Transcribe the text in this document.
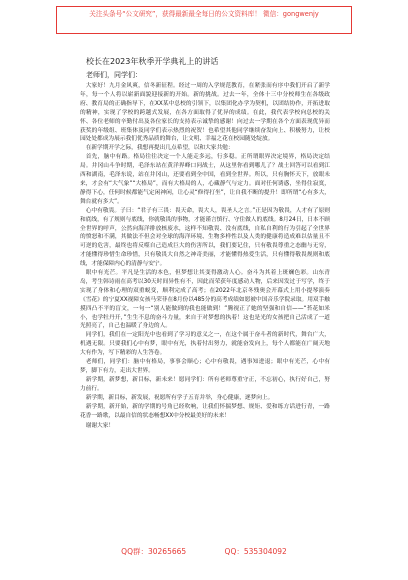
关注头条号“公文研究”，获得最新最全每日的公文资料库！ 微信：gongwenjy
校长在2023年秋季开学典礼上的讲话
老师们，同学们：

大家好！九月金风爽，信冬新征程。经过一周的入学规范教育，在紧张而有序中我们开启了新学年，每一个人将以崭新面貌迎接新的开始。新的挑战。过去一年，全体十三中分校师生在各级政府、教育局的正确指导下，在XX某中总校的引领下，以集团化办学为契机，以团结协作，开拓进取的精神，实现了学校的跨越式发展，在各方面取得了优异的成绩。在此，我代表学校向总校的关怀、各位老师的辛勤付出及各位家长的支持表示诚挚的感谢！向过去一学期在各个方面表现优异而获奖的年级组、班集体及同学们表示热烈的祝贺！也希望其他同学继续奋发向上、积极努力，让校园处处都成为展示我们优秀品质的舞台，让文明、幸福之花在校园随处绽放。

在新学期开学之际，我想再提出几点希望，以和大家共勉：

首先，脑中有路。格局往往决定一个人能走多远，行多稳。正所谓眼界决定境界，格局决定结局。井冈山斗争时期，毛泽东站在黄洋界峰口问战士，从这里你看到哪儿了？战士回答可以看到江西和湖南，毛泽东说，站在井冈山，还要看到全中国，看到全世界。所以，只有胸怀天下，放眼未来，才会有“大气象”“大格局”，而有大格局的人，心藏静气与定力。面对任何诱惑，坐得住寂寞，静得下心，任何时候都能气定闲神闲，让心灵“修得打坐”，让自我不断的提升！即所谓“心有多大，舞台就有多大”。

心中有敬畏。子曰：“君子有三畏：畏天命，畏大人，畏圣人之言。”正是因为敬畏，人才有了原则和底线，有了规则与底线，你就敬畏的事物，才能谨言慎行、守住做人的底线。8月24日，日本不顾全世界的呼声，公然向海洋排放核废水，这样不知敬畏、没有底线，自私自利的行为引起了全世界的愤怒和不满，其做法不但会对全球的海洋环境、生物多样性以及人类的健康将造成难以估量且不可逆的危害，最终也将反噬自己造成巨大的伤害所以，我们要记住，只有敬畏尊重之态幽与无穷，才能懂得珍惜生命珍惜，只有敬畏大自然之神奇美丽，才能懂得热爱生活，只有懂得敬畏规则和底线，才能保障内心的清静与安宁。

眼中有光芒。平凡是生活的本色，但梦想让其变得激动人心。奋斗为其着上斑斓色彩。山东青岛，考生韩诗雨在高考以30天时间异性有不，因此而荣获年度感动人物，后来因发过于写学，终于实现了身体和心理的双重蜕变，顺利完成了高考；在2022年北京冬残奥会开幕式上用小提琴演奏《雪花》的宁夏XX视障女孩马荣菲在8月份以485分的高考成绩如愿被中国音乐学院录取。用双手触摸四凸不平的盲文，一句一“别人能做到的我也能做到！”腾视正了她的坚强和自信——“苔花如米小，也学牡丹开，”生生不息的奋斗力量，来自于对梦想的执着！这也是光的女孩把自己活成了一道光照亮了，自己也温暖了身边的人。

同学们，我们在一定阳光中也看到了学习的意义之一，在这个属于奋斗者的新时代，舞台广大，机遇无限。只要我们心中有梦，眼中有光，执着付出努力，就能奋发向上，每个人都能在广阔天地大有作为，写下精彩的人生答卷。

老师们，同学们：脑中有格局，事事会顺心；心中有敬畏，遇事知进退；眼中有光芒，心中有梦，脚下有力，走出大世界。

新学期，新梦想，新目标，新未来！愿同学们：所有老师尊重守正，不忘初心，执行好自己，努力前行。

新学期，新目标，新发展，祝愿所有学子五育并举，身心健康，逐梦向上。

新学期，新开始，新的学期的号角已经吹响，让我们怀揣梦想、规矩、爱和练方话进行青，一路花香一路歌，以最自信的状态畅想XX中分校最美好的未来！

谢谢大家！

QQ群：30265665	QQ：535304092
